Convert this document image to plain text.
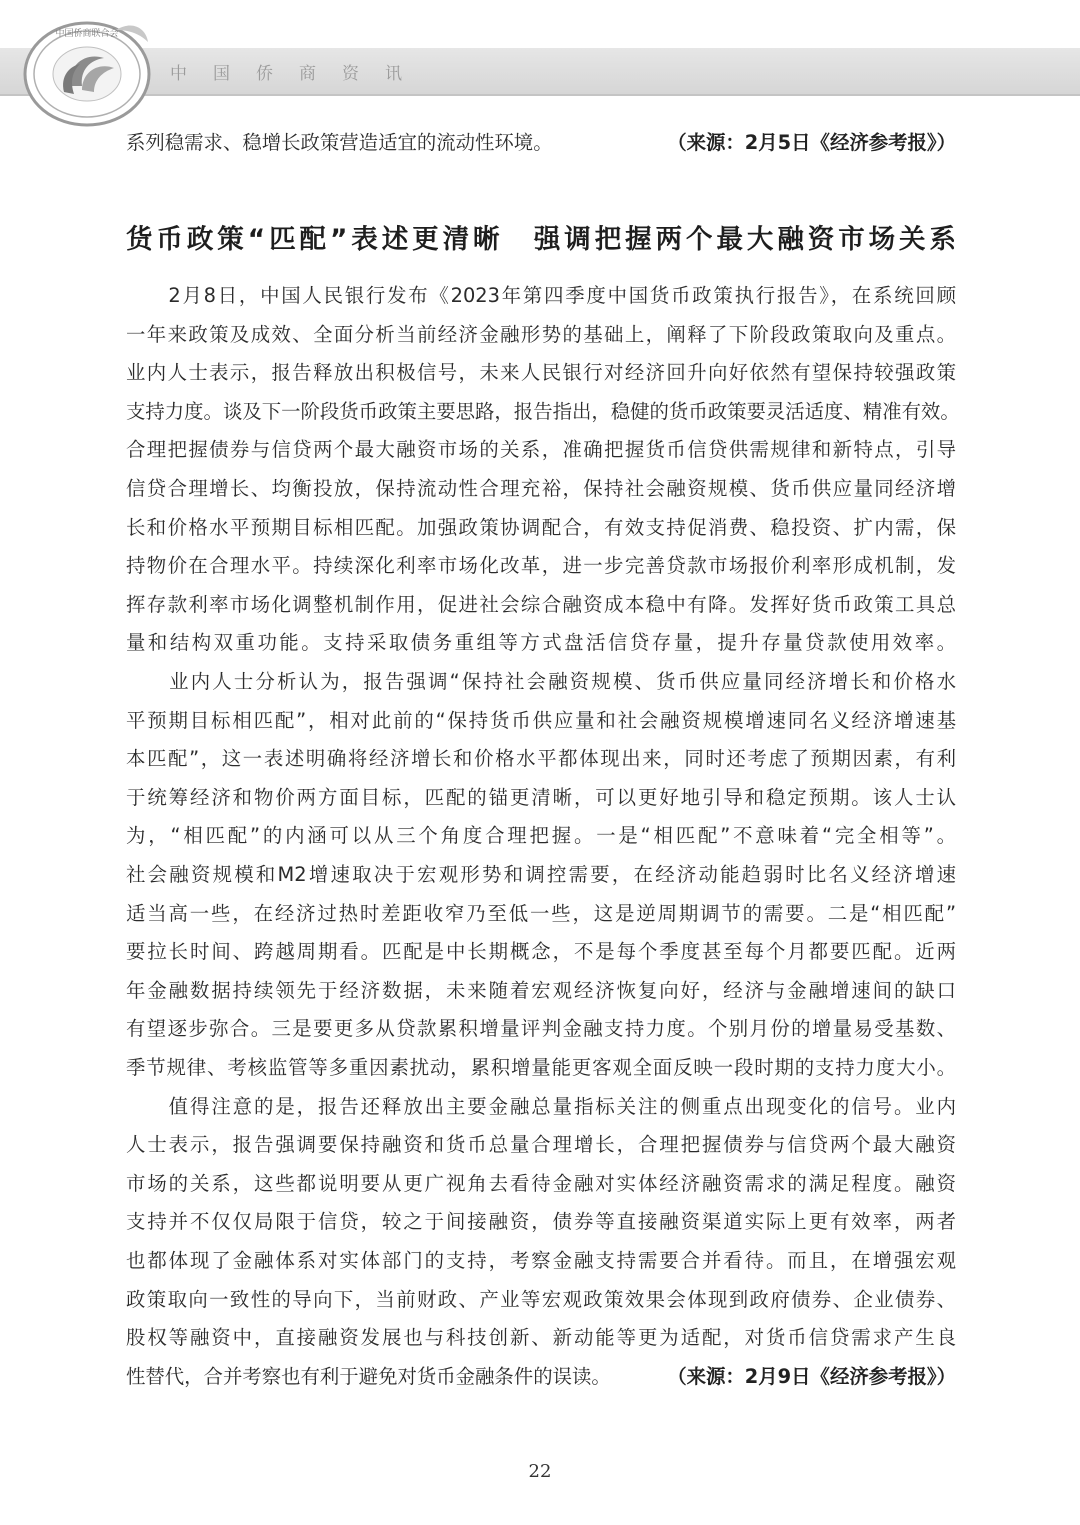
中国侨商资讯
中国侨商联合会
系列稳需求、稳增长政策营造适宜的流动性环境。	（来源：2月5日《经济参考报》）
货币政策“匹配”表述更清晰　强调把握两个最大融资市场关系
　　2月8日，中国人民银行发布《2023年第四季度中国货币政策执行报告》，在系统回顾
一年来政策及成效、全面分析当前经济金融形势的基础上，阐释了下阶段政策取向及重点。
业内人士表示，报告释放出积极信号，未来人民银行对经济回升向好依然有望保持较强政策
支持力度。谈及下一阶段货币政策主要思路，报告指出，稳健的货币政策要灵活适度、精准有效。
合理把握债券与信贷两个最大融资市场的关系，准确把握货币信贷供需规律和新特点，引导
信贷合理增长、均衡投放，保持流动性合理充裕，保持社会融资规模、货币供应量同经济增
长和价格水平预期目标相匹配。加强政策协调配合，有效支持促消费、稳投资、扩内需，保
持物价在合理水平。持续深化利率市场化改革，进一步完善贷款市场报价利率形成机制，发
挥存款利率市场化调整机制作用，促进社会综合融资成本稳中有降。发挥好货币政策工具总
量和结构双重功能。支持采取债务重组等方式盘活信贷存量，提升存量贷款使用效率。
　　业内人士分析认为，报告强调“保持社会融资规模、货币供应量同经济增长和价格水
平预期目标相匹配”，相对此前的“保持货币供应量和社会融资规模增速同名义经济增速基
本匹配”，这一表述明确将经济增长和价格水平都体现出来，同时还考虑了预期因素，有利
于统筹经济和物价两方面目标，匹配的锚更清晰，可以更好地引导和稳定预期。该人士认
为，“相匹配”的内涵可以从三个角度合理把握。一是“相匹配”不意味着“完全相等”。
社会融资规模和M2增速取决于宏观形势和调控需要，在经济动能趋弱时比名义经济增速
适当高一些，在经济过热时差距收窄乃至低一些，这是逆周期调节的需要。二是“相匹配”
要拉长时间、跨越周期看。匹配是中长期概念，不是每个季度甚至每个月都要匹配。近两
年金融数据持续领先于经济数据，未来随着宏观经济恢复向好，经济与金融增速间的缺口
有望逐步弥合。三是要更多从贷款累积增量评判金融支持力度。个别月份的增量易受基数、
季节规律、考核监管等多重因素扰动，累积增量能更客观全面反映一段时期的支持力度大小。
　　值得注意的是，报告还释放出主要金融总量指标关注的侧重点出现变化的信号。业内
人士表示，报告强调要保持融资和货币总量合理增长，合理把握债券与信贷两个最大融资
市场的关系，这些都说明要从更广视角去看待金融对实体经济融资需求的满足程度。融资
支持并不仅仅局限于信贷，较之于间接融资，债券等直接融资渠道实际上更有效率，两者
也都体现了金融体系对实体部门的支持，考察金融支持需要合并看待。而且，在增强宏观
政策取向一致性的导向下，当前财政、产业等宏观政策效果会体现到政府债券、企业债券、
股权等融资中，直接融资发展也与科技创新、新动能等更为适配，对货币信贷需求产生良
性替代，合并考察也有利于避免对货币金融条件的误读。	（来源：2月9日《经济参考报》）
22
